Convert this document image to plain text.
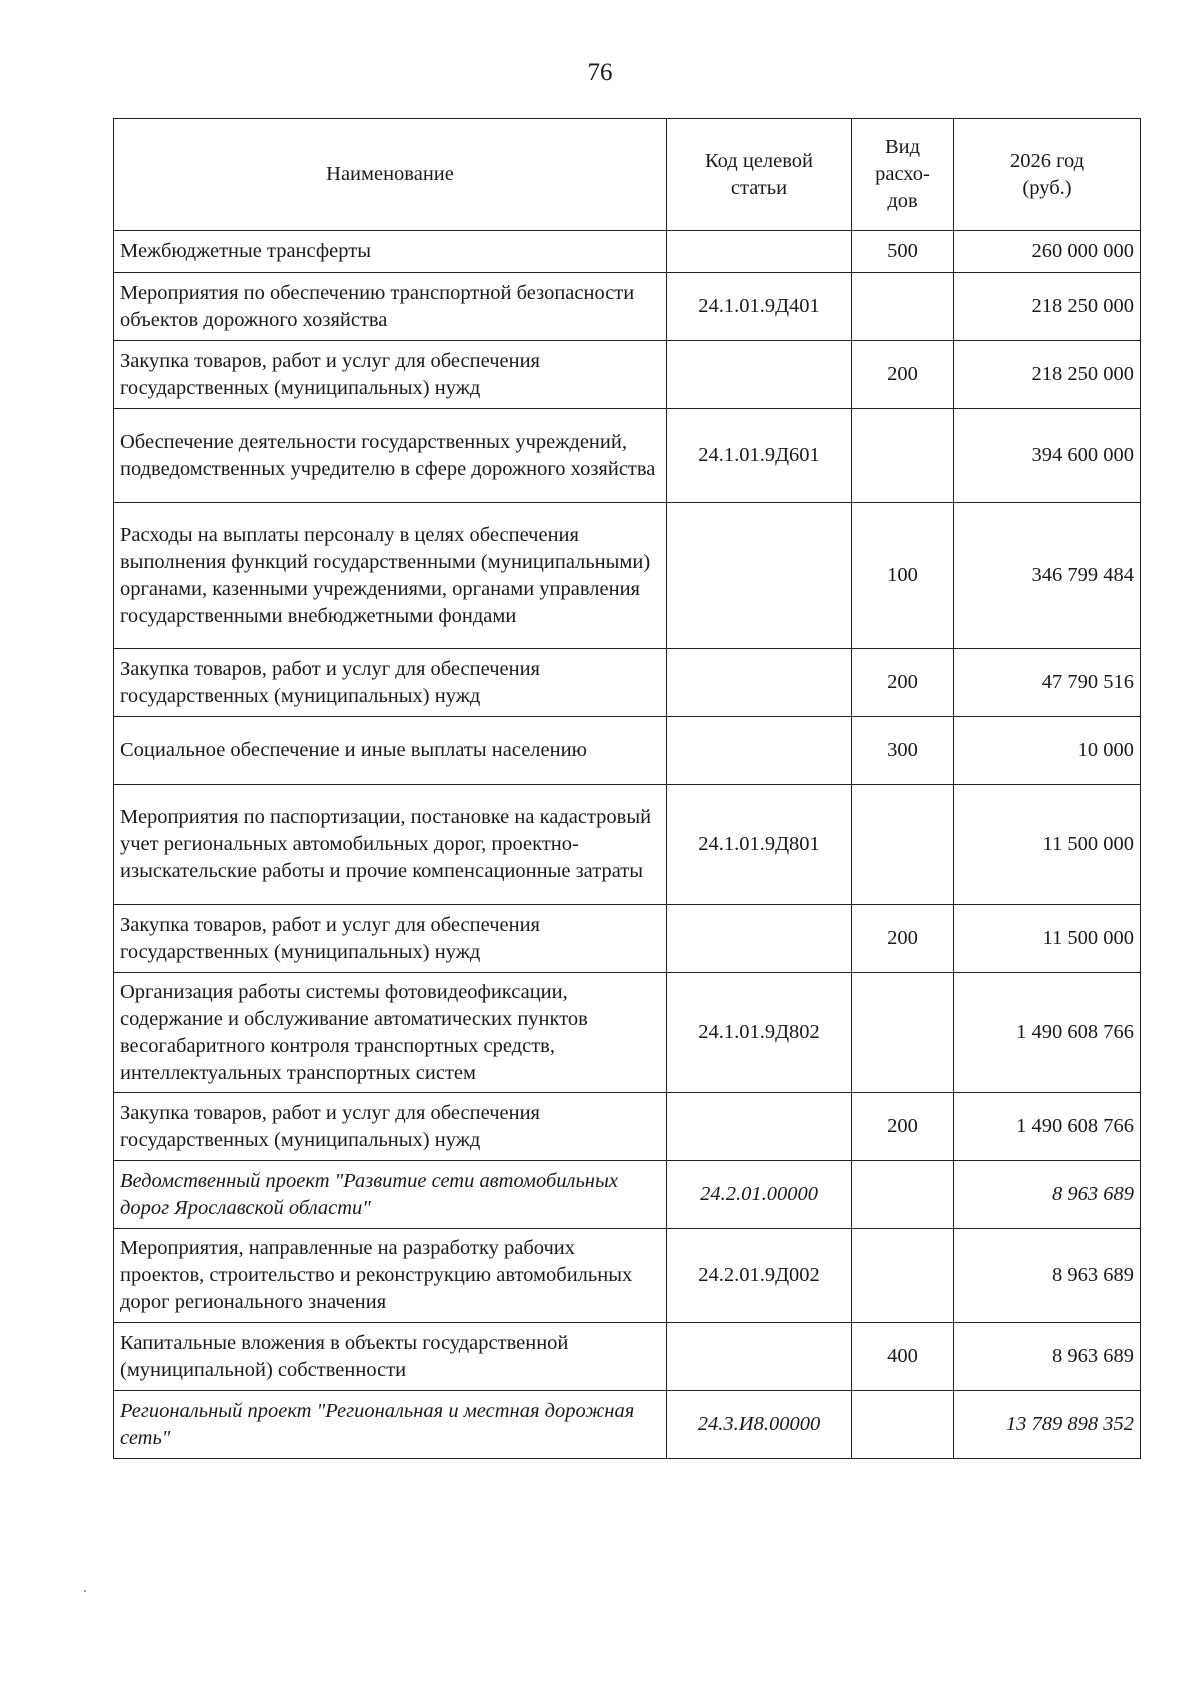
76
Наименование	Код целевой статьи	Вид расхо-дов	2026 год (руб.)
Межбюджетные трансферты		500	260 000 000
Мероприятия по обеспечению транспортной безопасности объектов дорожного хозяйства	24.1.01.9Д401		218 250 000
Закупка товаров, работ и услуг для обеспечения государственных (муниципальных) нужд		200	218 250 000
Обеспечение деятельности государственных учреждений, подведомственных учредителю в сфере дорожного хозяйства	24.1.01.9Д601		394 600 000
Расходы на выплаты персоналу в целях обеспечения выполнения функций государственными (муниципальными) органами, казенными учреждениями, органами управления государственными внебюджетными фондами		100	346 799 484
Закупка товаров, работ и услуг для обеспечения государственных (муниципальных) нужд		200	47 790 516
Социальное обеспечение и иные выплаты населению		300	10 000
Мероприятия по паспортизации, постановке на кадастровый учет региональных автомобильных дорог, проектно-изыскательские работы и прочие компенсационные затраты	24.1.01.9Д801		11 500 000
Закупка товаров, работ и услуг для обеспечения государственных (муниципальных) нужд		200	11 500 000
Организация работы системы фотовидеофиксации, содержание и обслуживание автоматических пунктов весогабаритного контроля транспортных средств, интеллектуальных транспортных систем	24.1.01.9Д802		1 490 608 766
Закупка товаров, работ и услуг для обеспечения государственных (муниципальных) нужд		200	1 490 608 766
Ведомственный проект "Развитие сети автомобильных дорог Ярославской области"	24.2.01.00000		8 963 689
Мероприятия, направленные на разработку рабочих проектов, строительство и реконструкцию автомобильных дорог регионального значения	24.2.01.9Д002		8 963 689
Капитальные вложения в объекты государственной (муниципальной) собственности		400	8 963 689
Региональный проект "Региональная и местная дорожная сеть"	24.3.И8.00000		13 789 898 352
